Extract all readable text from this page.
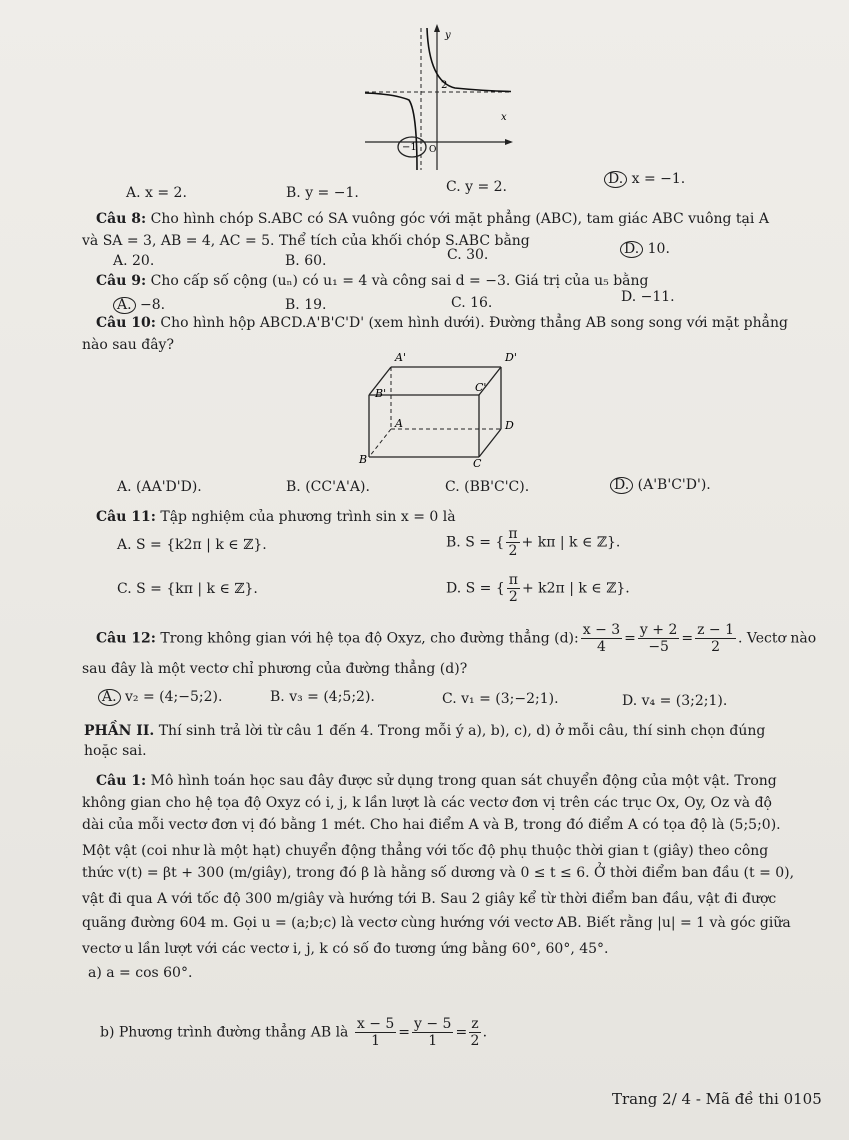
y
x
2
−1 O
A. x = 2.	B. y = −1.	C. y = 2.	D. x = −1.
Câu 8: Cho hình chóp S.ABC có SA vuông góc với mặt phẳng (ABC), tam giác ABC vuông tại A
và SA = 3, AB = 4, AC = 5. Thể tích của khối chóp S.ABC bằng
A. 20.	B. 60.	C. 30.	D. 10.
Câu 9: Cho cấp số cộng (uₙ) có u₁ = 4 và công sai d = −3. Giá trị của u₅ bằng
A. −8.	B. 19.	C. 16.	D. −11.
Câu 10: Cho hình hộp ABCD.A'B'C'D' (xem hình dưới). Đường thẳng AB song song với mặt phẳng
nào sau đây?
A'	D'
B'	C'
A	D
B	C
A. (AA'D'D).	B. (CC'A'A).	C. (BB'C'C).	D. (A'B'C'D').
Câu 11: Tập nghiệm của phương trình sin x = 0 là
A. S = {k2π | k ∈ ℤ}.	B. S = { $\frac{\pi}{2} + k\pi$ | k ∈ ℤ}.
C. S = {kπ | k ∈ ℤ}.	D. S = { $\frac{\pi}{2} + k2\pi$ | k ∈ ℤ}.
Câu 12: Trong không gian với hệ tọa độ Oxyz, cho đường thẳng (d): $\frac{x - 3}{4} = \frac{y + 2}{-5} = \frac{z - 1}{2}$ . Vectơ nào
sau đây là một vectơ chỉ phương của đường thẳng (d)?
A. v₂ = (4;−5;2).	B. v₃ = (4;5;2).	C. v₁ = (3;−2;1).	D. v₄ = (3;2;1).
PHẦN II. Thí sinh trả lời từ câu 1 đến 4. Trong mỗi ý a), b), c), d) ở mỗi câu, thí sinh chọn đúng
hoặc sai.
Câu 1: Mô hình toán học sau đây được sử dụng trong quan sát chuyển động của một vật. Trong
không gian cho hệ tọa độ Oxyz có i, j, k lần lượt là các vectơ đơn vị trên các trục Ox, Oy, Oz và độ
dài của mỗi vectơ đơn vị đó bằng 1 mét. Cho hai điểm A và B, trong đó điểm A có tọa độ là (5;5;0).
Một vật (coi như là một hạt) chuyển động thẳng với tốc độ phụ thuộc thời gian t (giây) theo công
thức v(t) = βt + 300 (m/giây), trong đó β là hằng số dương và 0 ≤ t ≤ 6. Ở thời điểm ban đầu (t = 0),
vật đi qua A với tốc độ 300 m/giây và hướng tới B. Sau 2 giây kể từ thời điểm ban đầu, vật đi được
quãng đường 604 m. Gọi u = (a;b;c) là vectơ cùng hướng với vectơ AB. Biết rằng |u| = 1 và góc giữa
vectơ u lần lượt với các vectơ i, j, k có số đo tương ứng bằng 60°, 60°, 45°.
a) a = cos 60°.
b) Phương trình đường thẳng AB là $\frac{x - 5}{1} = \frac{y - 5}{1} = \frac{z}{2}$ .
Trang 2/ 4 - Mã đề thi 0105
